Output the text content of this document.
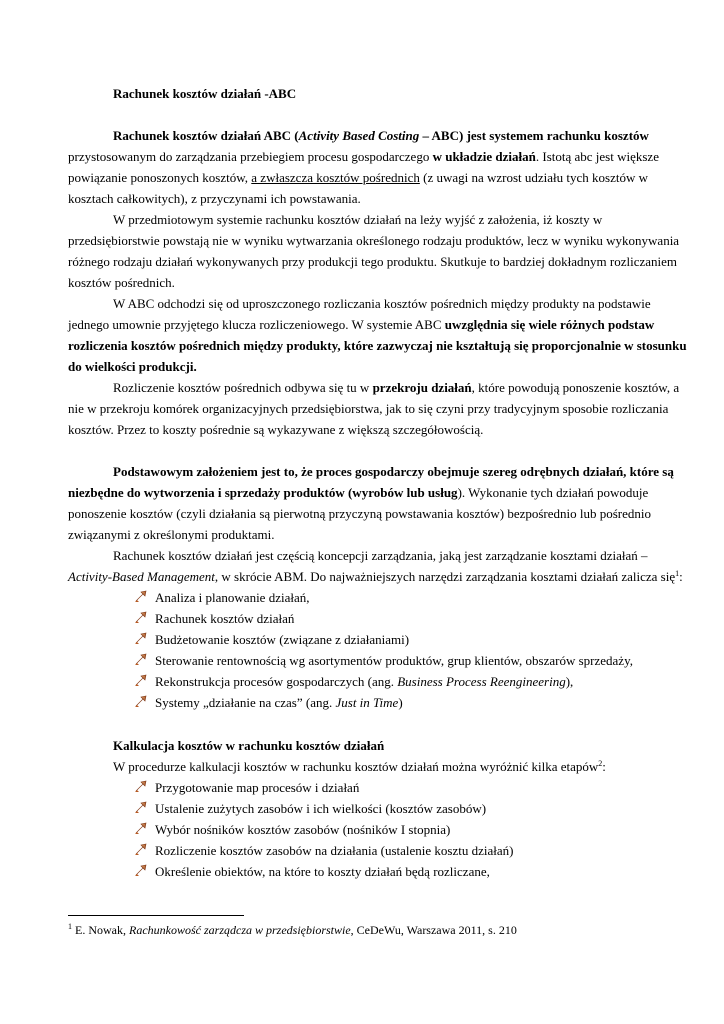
Rachunek kosztów działań -ABC
Rachunek kosztów działań ABC (Activity Based Costing – ABC) jest systemem rachunku kosztów
przystosowanym do zarządzania przebiegiem procesu gospodarczego w układzie działań. Istotą abc jest większe
powiązanie ponoszonych kosztów, a zwłaszcza kosztów pośrednich (z uwagi na wzrost udziału tych kosztów w
kosztach całkowitych), z przyczynami ich powstawania.
W przedmiotowym systemie rachunku kosztów działań na leży wyjść z założenia, iż koszty w
przedsiębiorstwie powstają nie w wyniku wytwarzania określonego rodzaju produktów, lecz w wyniku wykonywania
różnego rodzaju działań wykonywanych przy produkcji tego produktu. Skutkuje to bardziej dokładnym rozliczaniem
kosztów pośrednich.
W ABC odchodzi się od uproszczonego rozliczania kosztów pośrednich między produkty na podstawie
jednego umownie przyjętego klucza rozliczeniowego. W systemie ABC uwzględnia się wiele różnych podstaw
rozliczenia kosztów pośrednich między produkty, które zazwyczaj nie kształtują się proporcjonalnie w stosunku
do wielkości produkcji.
Rozliczenie kosztów pośrednich odbywa się tu w przekroju działań, które powodują ponoszenie kosztów, a
nie w przekroju komórek organizacyjnych przedsiębiorstwa, jak to się czyni przy tradycyjnym sposobie rozliczania
kosztów. Przez to koszty pośrednie są wykazywane z większą szczegółowością.
Podstawowym założeniem jest to, że proces gospodarczy obejmuje szereg odrębnych działań, które są
niezbędne do wytworzenia i sprzedaży produktów (wyrobów lub usług). Wykonanie tych działań powoduje
ponoszenie kosztów (czyli działania są pierwotną przyczyną powstawania kosztów) bezpośrednio lub pośrednio
związanymi z określonymi produktami.
Rachunek kosztów działań jest częścią koncepcji zarządzania, jaką jest zarządzanie kosztami działań –
Activity-Based Management, w skrócie ABM. Do najważniejszych narzędzi zarządzania kosztami działań zalicza się$^1$:
Analiza i planowanie działań,
Rachunek kosztów działań
Budżetowanie kosztów (związane z działaniami)
Sterowanie rentownością wg asortymentów produktów, grup klientów, obszarów sprzedaży,
Rekonstrukcja procesów gospodarczych (ang. Business Process Reengineering),
Systemy „działanie na czas” (ang. Just in Time)
Kalkulacja kosztów w rachunku kosztów działań
W procedurze kalkulacji kosztów w rachunku kosztów działań można wyróżnić kilka etapów$^2$:
Przygotowanie map procesów i działań
Ustalenie zużytych zasobów i ich wielkości (kosztów zasobów)
Wybór nośników kosztów zasobów (nośników I stopnia)
Rozliczenie kosztów zasobów na działania (ustalenie kosztu działań)
Określenie obiektów, na które to koszty działań będą rozliczane,
$^1$ E. Nowak, Rachunkowość zarządcza w przedsiębiorstwie, CeDeWu, Warszawa 2011, s. 210
